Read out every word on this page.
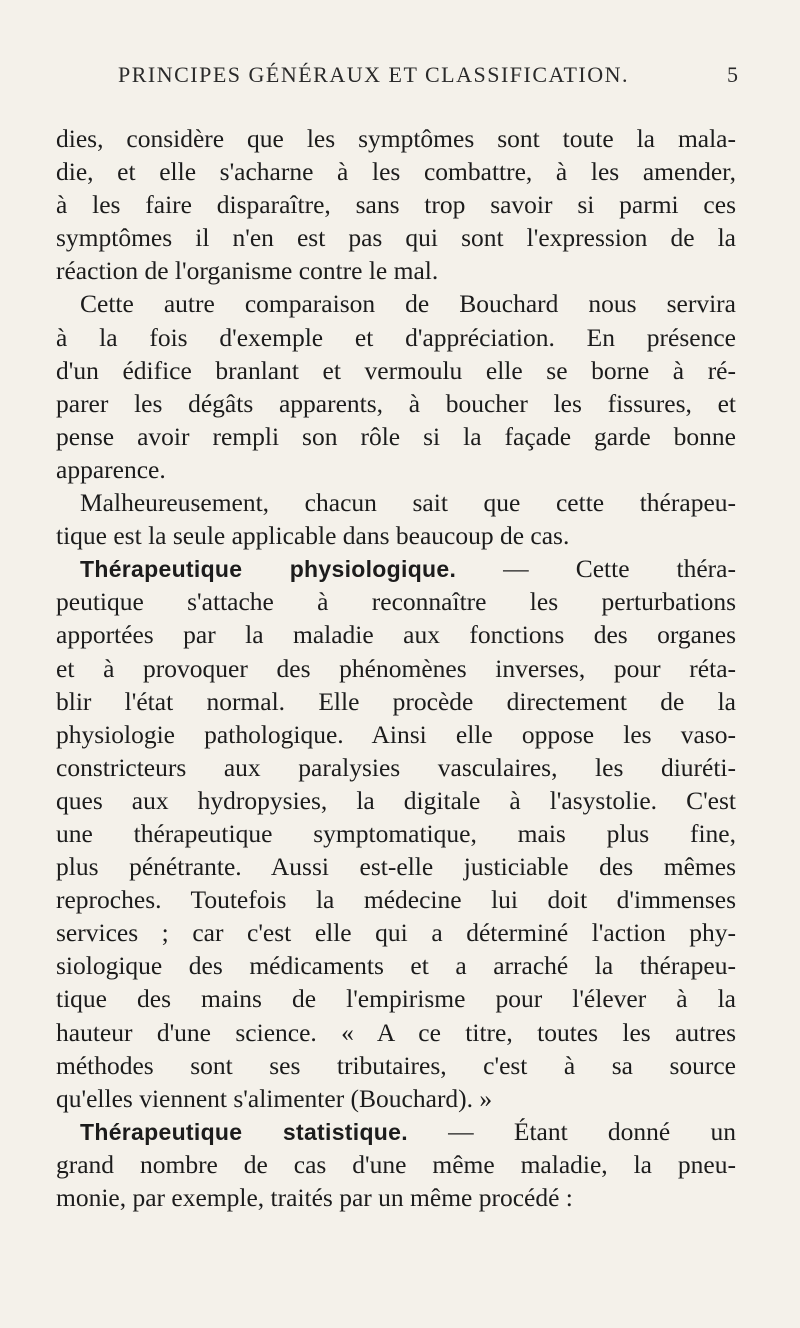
PRINCIPES GÉNÉRAUX ET CLASSIFICATION.	5
dies, considère que les symptômes sont toute la mala-
die, et elle s'acharne à les combattre, à les amender,
à les faire disparaître, sans trop savoir si parmi ces
symptômes il n'en est pas qui sont l'expression de la
réaction de l'organisme contre le mal.
Cette autre comparaison de Bouchard nous servira
à la fois d'exemple et d'appréciation. En présence
d'un édifice branlant et vermoulu elle se borne à ré-
parer les dégâts apparents, à boucher les fissures, et
pense avoir rempli son rôle si la façade garde bonne
apparence.
Malheureusement, chacun sait que cette thérapeu-
tique est la seule applicable dans beaucoup de cas.
Thérapeutique physiologique. — Cette théra-
peutique s'attache à reconnaître les perturbations
apportées par la maladie aux fonctions des organes
et à provoquer des phénomènes inverses, pour réta-
blir l'état normal. Elle procède directement de la
physiologie pathologique. Ainsi elle oppose les vaso-
constricteurs aux paralysies vasculaires, les diuréti-
ques aux hydropysies, la digitale à l'asystolie. C'est
une thérapeutique symptomatique, mais plus fine,
plus pénétrante. Aussi est-elle justiciable des mêmes
reproches. Toutefois la médecine lui doit d'immenses
services ; car c'est elle qui a déterminé l'action phy-
siologique des médicaments et a arraché la thérapeu-
tique des mains de l'empirisme pour l'élever à la
hauteur d'une science. « A ce titre, toutes les autres
méthodes sont ses tributaires, c'est à sa source
qu'elles viennent s'alimenter (Bouchard). »
Thérapeutique statistique. — Étant donné un
grand nombre de cas d'une même maladie, la pneu-
monie, par exemple, traités par un même procédé :
